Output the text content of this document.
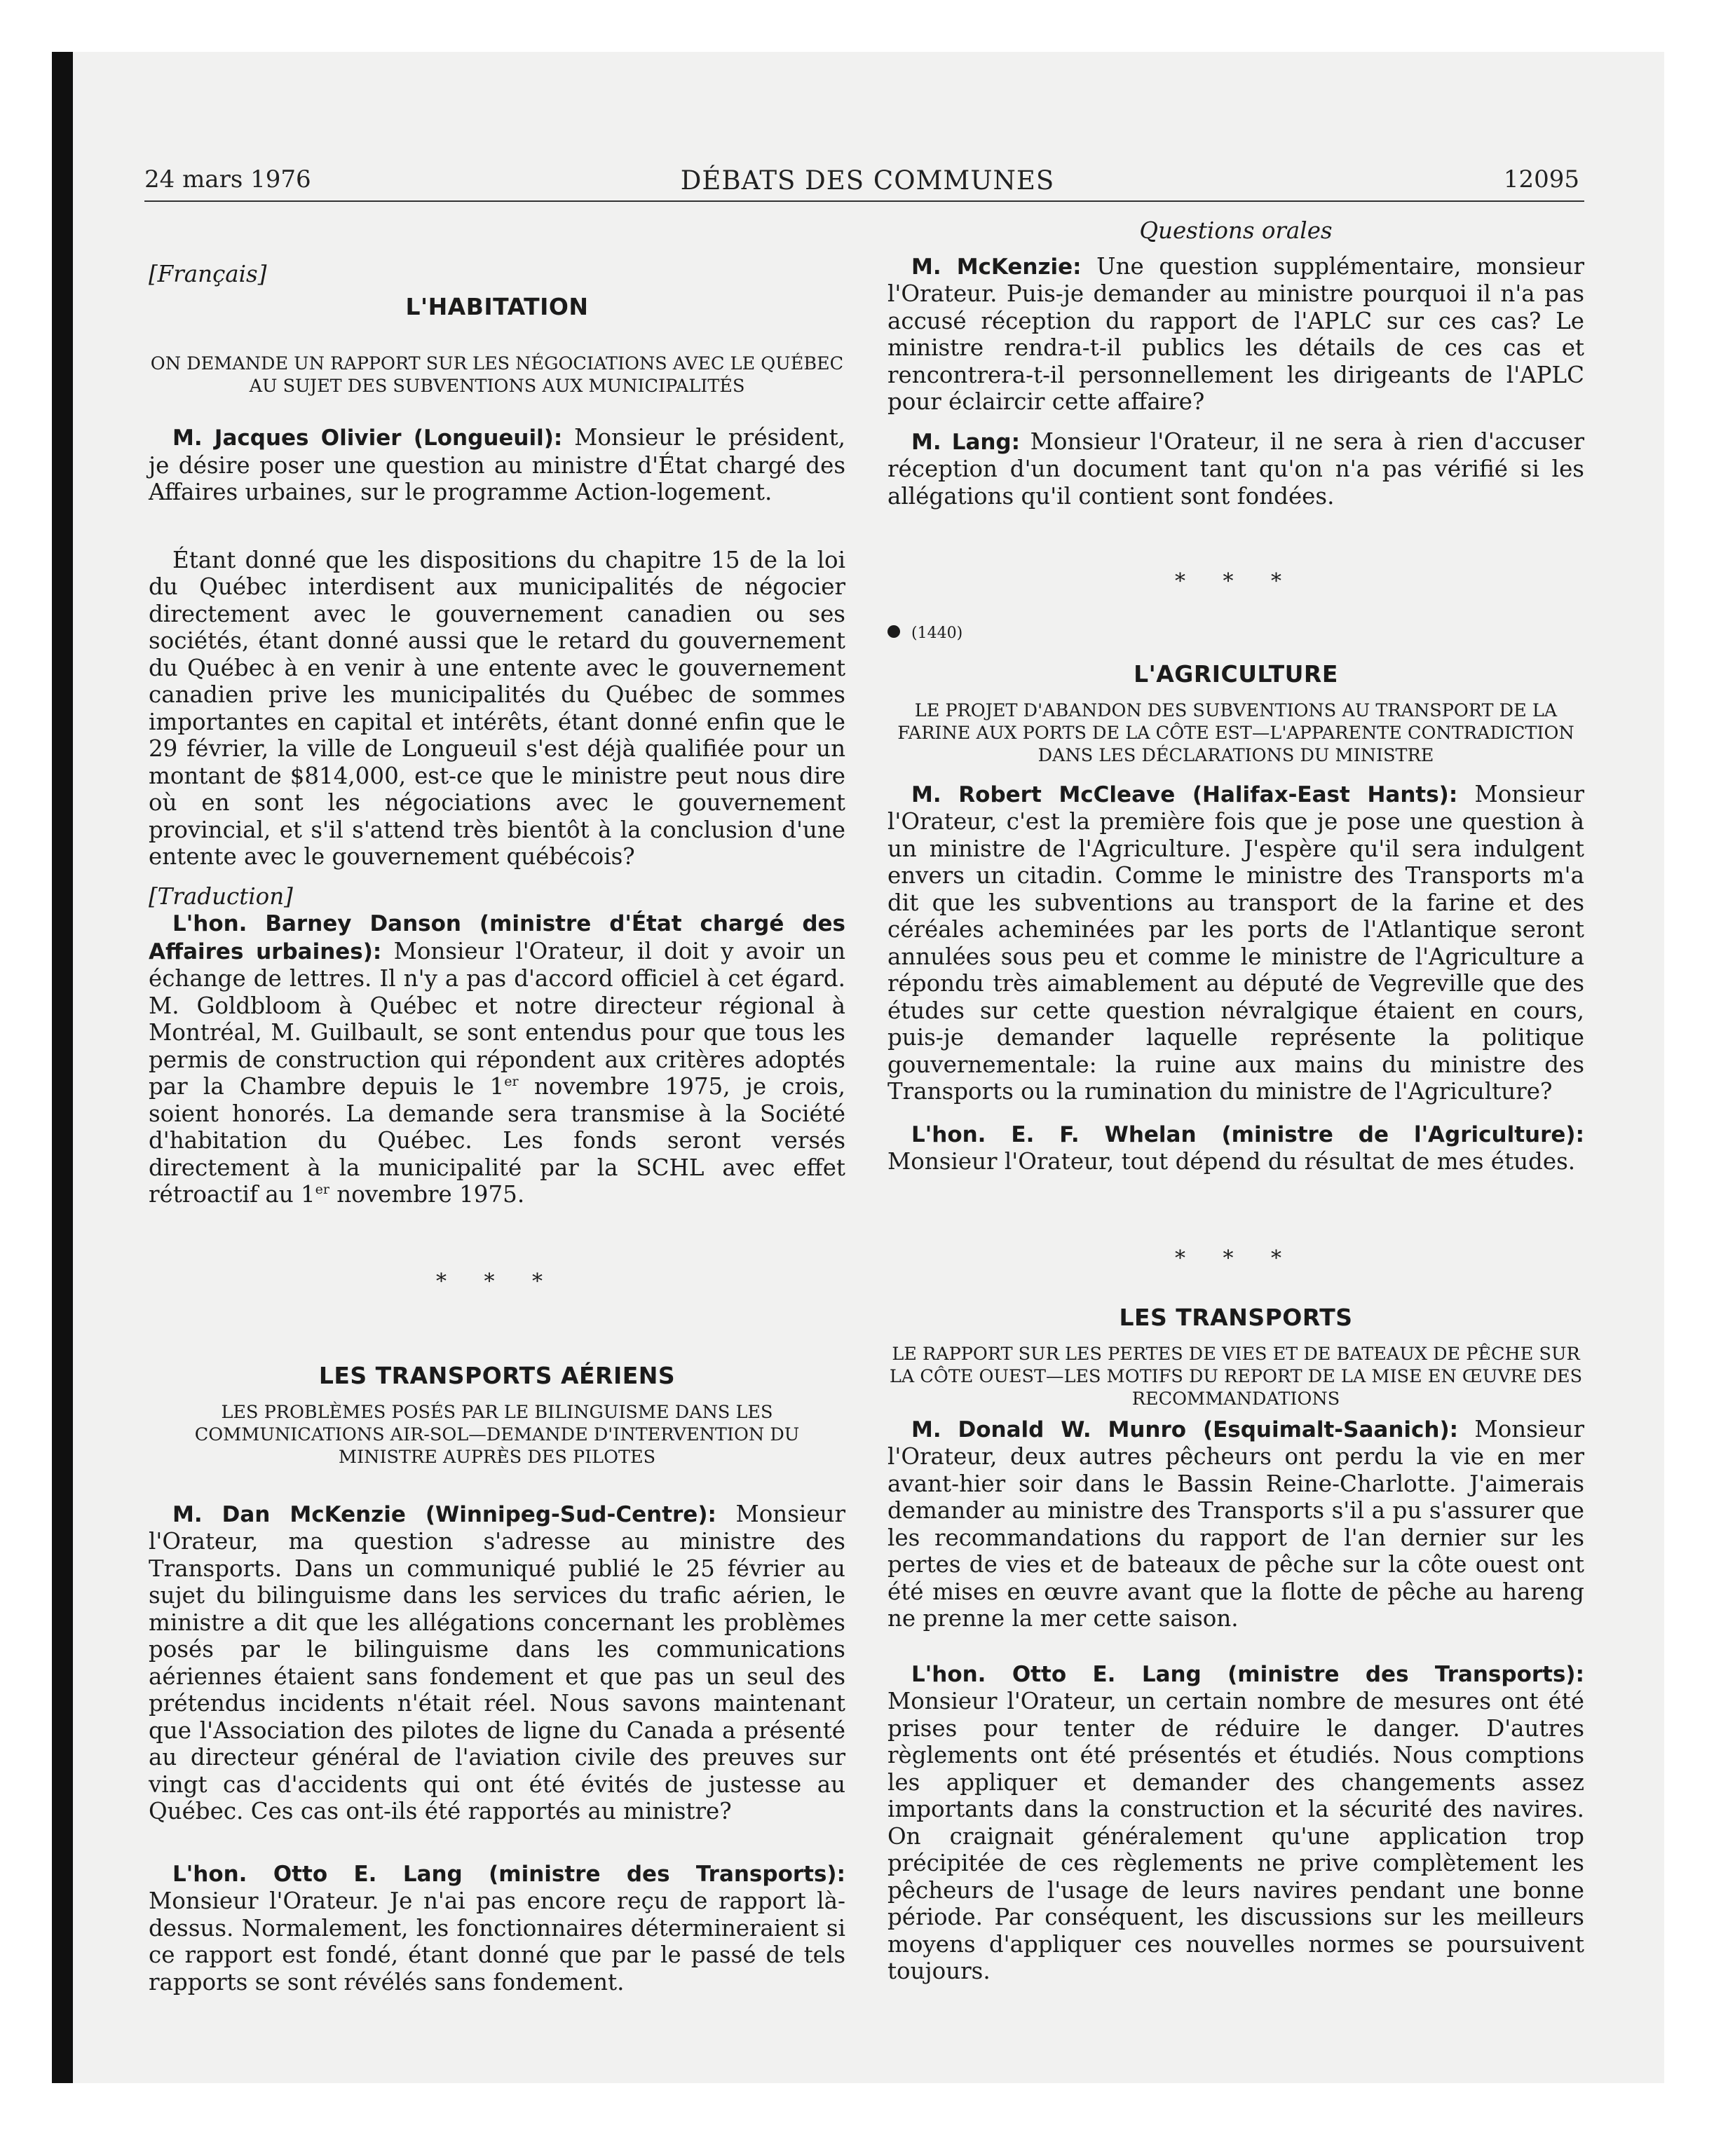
24 mars 1976	DÉBATS DES COMMUNES	12095

[Français]

L'HABITATION

ON DEMANDE UN RAPPORT SUR LES NÉGOCIATIONS AVEC LE QUÉBEC AU SUJET DES SUBVENTIONS AUX MUNICIPALITÉS

M. Jacques Olivier (Longueuil): Monsieur le président, je désire poser une question au ministre d'État chargé des Affaires urbaines, sur le programme Action-logement.

Étant donné que les dispositions du chapitre 15 de la loi du Québec interdisent aux municipalités de négocier directement avec le gouvernement canadien ou ses sociétés, étant donné aussi que le retard du gouvernement du Québec à en venir à une entente avec le gouvernement canadien prive les municipalités du Québec de sommes importantes en capital et intérêts, étant donné enfin que le 29 février, la ville de Longueuil s'est déjà qualifiée pour un montant de $814,000, est-ce que le ministre peut nous dire où en sont les négociations avec le gouvernement provincial, et s'il s'attend très bientôt à la conclusion d'une entente avec le gouvernement québécois?

[Traduction]

L'hon. Barney Danson (ministre d'État chargé des Affaires urbaines): Monsieur l'Orateur, il doit y avoir un échange de lettres. Il n'y a pas d'accord officiel à cet égard. M. Goldbloom à Québec et notre directeur régional à Montréal, M. Guilbault, se sont entendus pour que tous les permis de construction qui répondent aux critères adoptés par la Chambre depuis le 1er novembre 1975, je crois, soient honorés. La demande sera transmise à la Société d'habitation du Québec. Les fonds seront versés directement à la municipalité par la SCHL avec effet rétroactif au 1er novembre 1975.

* * *

LES TRANSPORTS AÉRIENS

LES PROBLÈMES POSÉS PAR LE BILINGUISME DANS LES COMMUNICATIONS AIR-SOL—DEMANDE D'INTERVENTION DU MINISTRE AUPRÈS DES PILOTES

M. Dan McKenzie (Winnipeg-Sud-Centre): Monsieur l'Orateur, ma question s'adresse au ministre des Transports. Dans un communiqué publié le 25 février au sujet du bilinguisme dans les services du trafic aérien, le ministre a dit que les allégations concernant les problèmes posés par le bilinguisme dans les communications aériennes étaient sans fondement et que pas un seul des prétendus incidents n'était réel. Nous savons maintenant que l'Association des pilotes de ligne du Canada a présenté au directeur général de l'aviation civile des preuves sur vingt cas d'accidents qui ont été évités de justesse au Québec. Ces cas ont-ils été rapportés au ministre?

L'hon. Otto E. Lang (ministre des Transports): Monsieur l'Orateur. Je n'ai pas encore reçu de rapport là-dessus. Normalement, les fonctionnaires détermineraient si ce rapport est fondé, étant donné que par le passé de tels rapports se sont révélés sans fondement.

Questions orales

M. McKenzie: Une question supplémentaire, monsieur l'Orateur. Puis-je demander au ministre pourquoi il n'a pas accusé réception du rapport de l'APLC sur ces cas? Le ministre rendra-t-il publics les détails de ces cas et rencontrera-t-il personnellement les dirigeants de l'APLC pour éclaircir cette affaire?

M. Lang: Monsieur l'Orateur, il ne sera à rien d'accuser réception d'un document tant qu'on n'a pas vérifié si les allégations qu'il contient sont fondées.

* * *

(1440)

L'AGRICULTURE

LE PROJET D'ABANDON DES SUBVENTIONS AU TRANSPORT DE LA FARINE AUX PORTS DE LA CÔTE EST—L'APPARENTE CONTRADICTION DANS LES DÉCLARATIONS DU MINISTRE

M. Robert McCleave (Halifax-East Hants): Monsieur l'Orateur, c'est la première fois que je pose une question à un ministre de l'Agriculture. J'espère qu'il sera indulgent envers un citadin. Comme le ministre des Transports m'a dit que les subventions au transport de la farine et des céréales acheminées par les ports de l'Atlantique seront annulées sous peu et comme le ministre de l'Agriculture a répondu très aimablement au député de Vegreville que des études sur cette question névralgique étaient en cours, puis-je demander laquelle représente la politique gouvernementale: la ruine aux mains du ministre des Transports ou la rumination du ministre de l'Agriculture?

L'hon. E. F. Whelan (ministre de l'Agriculture): Monsieur l'Orateur, tout dépend du résultat de mes études.

* * *

LES TRANSPORTS

LE RAPPORT SUR LES PERTES DE VIES ET DE BATEAUX DE PÊCHE SUR LA CÔTE OUEST—LES MOTIFS DU REPORT DE LA MISE EN ŒUVRE DES RECOMMANDATIONS

M. Donald W. Munro (Esquimalt-Saanich): Monsieur l'Orateur, deux autres pêcheurs ont perdu la vie en mer avant-hier soir dans le Bassin Reine-Charlotte. J'aimerais demander au ministre des Transports s'il a pu s'assurer que les recommandations du rapport de l'an dernier sur les pertes de vies et de bateaux de pêche sur la côte ouest ont été mises en œuvre avant que la flotte de pêche au hareng ne prenne la mer cette saison.

L'hon. Otto E. Lang (ministre des Transports): Monsieur l'Orateur, un certain nombre de mesures ont été prises pour tenter de réduire le danger. D'autres règlements ont été présentés et étudiés. Nous comptions les appliquer et demander des changements assez importants dans la construction et la sécurité des navires. On craignait généralement qu'une application trop précipitée de ces règlements ne prive complètement les pêcheurs de l'usage de leurs navires pendant une bonne période. Par conséquent, les discussions sur les meilleurs moyens d'appliquer ces nouvelles normes se poursuivent toujours.
